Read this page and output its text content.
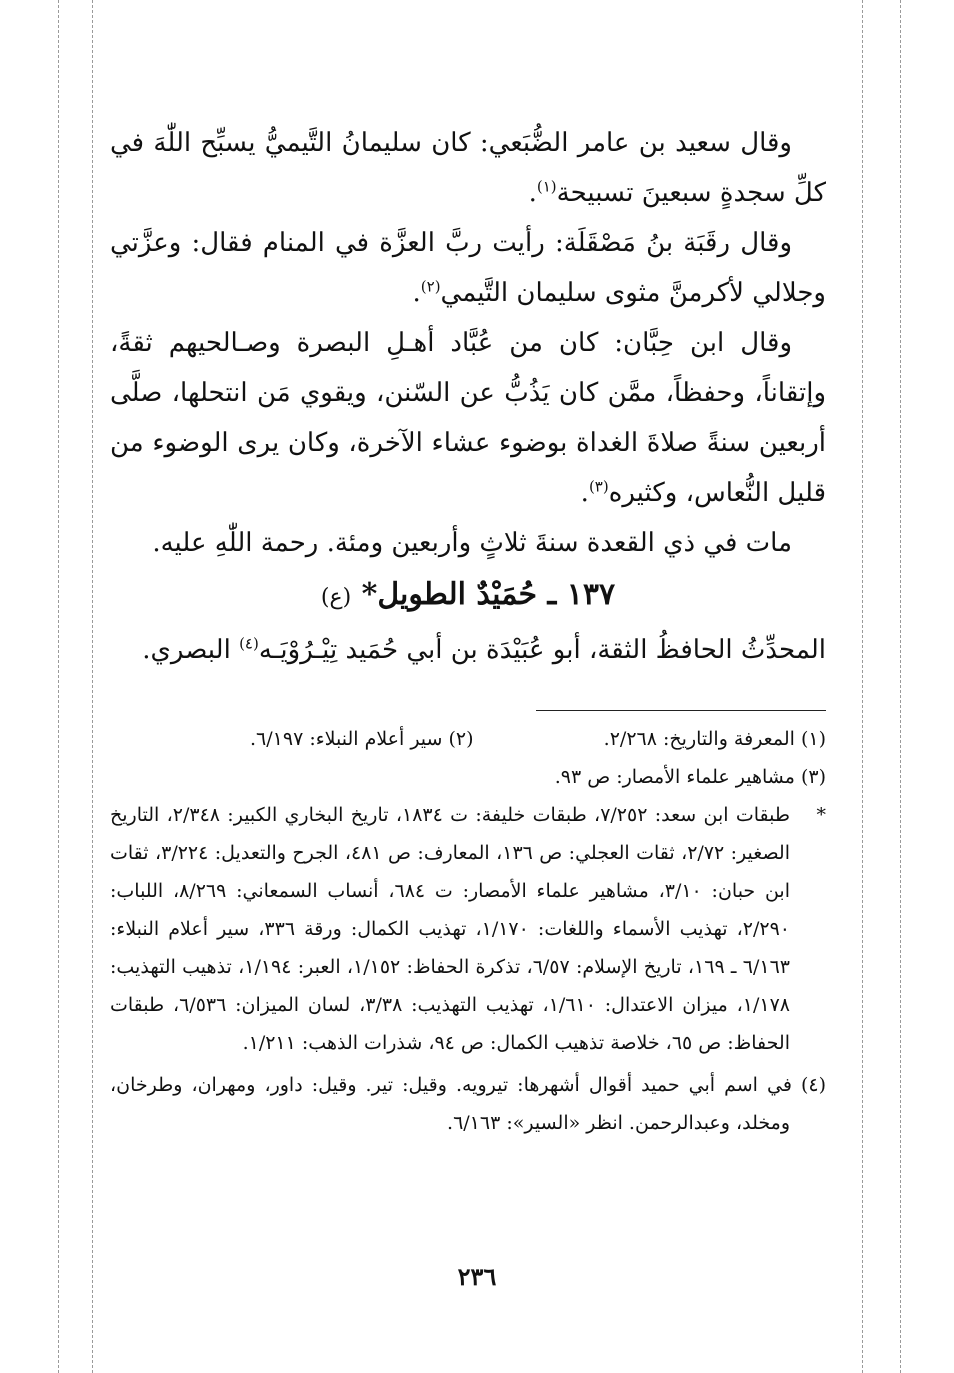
وقال سعيد بن عامر الضُّبَعي: كان سليمانُ التَّيميُّ يسبِّح اللّٰهَ في
كلِّ سجدةٍ سبعينَ تسبيحة$^{(١)}$.

وقال رقَبَة بنُ مَصْقَلَة: رأيت ربَّ العزَّة في المنام فقال: وعزَّتي
وجلالي لأكرمنَّ مثوى سليمان التَّيمي$^{(٢)}$.

وقال ابن حِبَّان: كان من عُبَّاد أهـلِ البصرة وصـالحيهم ثقةً،
وإتقاناً، وحفظاً، ممَّن كان يَذُبُّ عن السّنن، ويقوي مَن انتحلها، صلَّى
أربعين سنةً صلاةَ الغداة بوضوء عشاء الآخرة، وكان يرى الوضوء من
قليل النُّعاس، وكثيره$^{(٣)}$.

مات في ذي القعدة سنةَ ثلاثٍ وأربعين ومئة. رحمة اللّٰهِ عليه.

١٣٧ ـ حُمَيْدٌ الطويل* (ع)

المحدِّثُ الحافظُ الثقة، أبو عُبَيْدَة بن أبي حُمَيد تِيْـرُوْيَـه$^{(٤)}$ البصري.

(١) المعرفة والتاريخ: ٢/٢٦٨.
(٢) سير أعلام النبلاء: ٦/١٩٧.
(٣) مشاهير علماء الأمصار: ص ٩٣.
*طبقات ابن سعد: ٧/٢٥٢، طبقات خليفة: ت ١٨٣٤، تاريخ البخاري الكبير: ٢/٣٤٨، التاريخ الصغير: ٢/٧٢، ثقات العجلي: ص ١٣٦، المعارف: ص ٤٨١، الجرح والتعديل: ٣/٢٢٤، ثقات ابن حبان: ٣/١٠، مشاهير علماء الأمصار: ت ٦٨٤، أنساب السمعاني: ٨/٢٦٩، اللباب: ٢/٢٩٠، تهذيب الأسماء واللغات: ١/١٧٠، تهذيب الكمال: ورقة ٣٣٦، سير أعلام النبلاء: ٦/١٦٣ ـ ١٦٩، تاريخ الإسلام: ٦/٥٧، تذكرة الحفاظ: ١/١٥٢، العبر: ١/١٩٤، تذهيب التهذيب: ١/١٧٨، ميزان الاعتدال: ١/٦١٠، تهذيب التهذيب: ٣/٣٨، لسان الميزان: ٦/٥٣٦، طبقات الحفاظ: ص ٦٥، خلاصة تذهيب الكمال: ص ٩٤، شذرات الذهب: ١/٢١١.
(٤) في اسم أبي حميد أقوال أشهرها: تيرويه. وقيل: تير. وقيل: داور، ومهران، وطرخان، ومخلد، وعبدالرحمن. انظر «السير»: ٦/١٦٣.
٢٣٦
